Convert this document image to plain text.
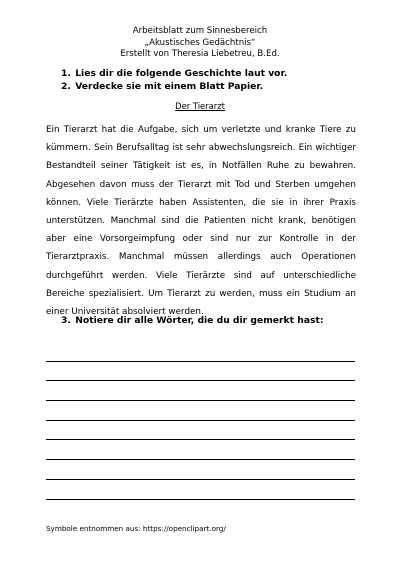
Arbeitsblatt zum Sinnesbereich
„Akustisches Gedächtnis“
Erstellt von Theresia Liebetreu, B.Ed.
1. Lies dir die folgende Geschichte laut vor.
2. Verdecke sie mit einem Blatt Papier.
Der Tierarzt
Ein Tierarzt hat die Aufgabe, sich um verletzte und kranke Tiere zu kümmern. Sein Berufsalltag ist sehr abwechslungsreich. Ein wichtiger Bestandteil seiner Tätigkeit ist es, in Notfällen Ruhe zu bewahren. Abgesehen davon muss der Tierarzt mit Tod und Sterben umgehen können. Viele Tierärzte haben Assistenten, die sie in ihrer Praxis unterstützen. Manchmal sind die Patienten nicht krank, benötigen aber eine Vorsorgeimpfung oder sind nur zur Kontrolle in der Tierarztpraxis. Manchmal müssen allerdings auch Operationen durchgeführt werden. Viele Tierärzte sind auf unterschiedliche Bereiche spezialisiert. Um Tierarzt zu werden, muss ein Studium an einer Universität absolviert werden.
3. Notiere dir alle Wörter, die du dir gemerkt hast:
Symbole entnommen aus: https://openclipart.org/
